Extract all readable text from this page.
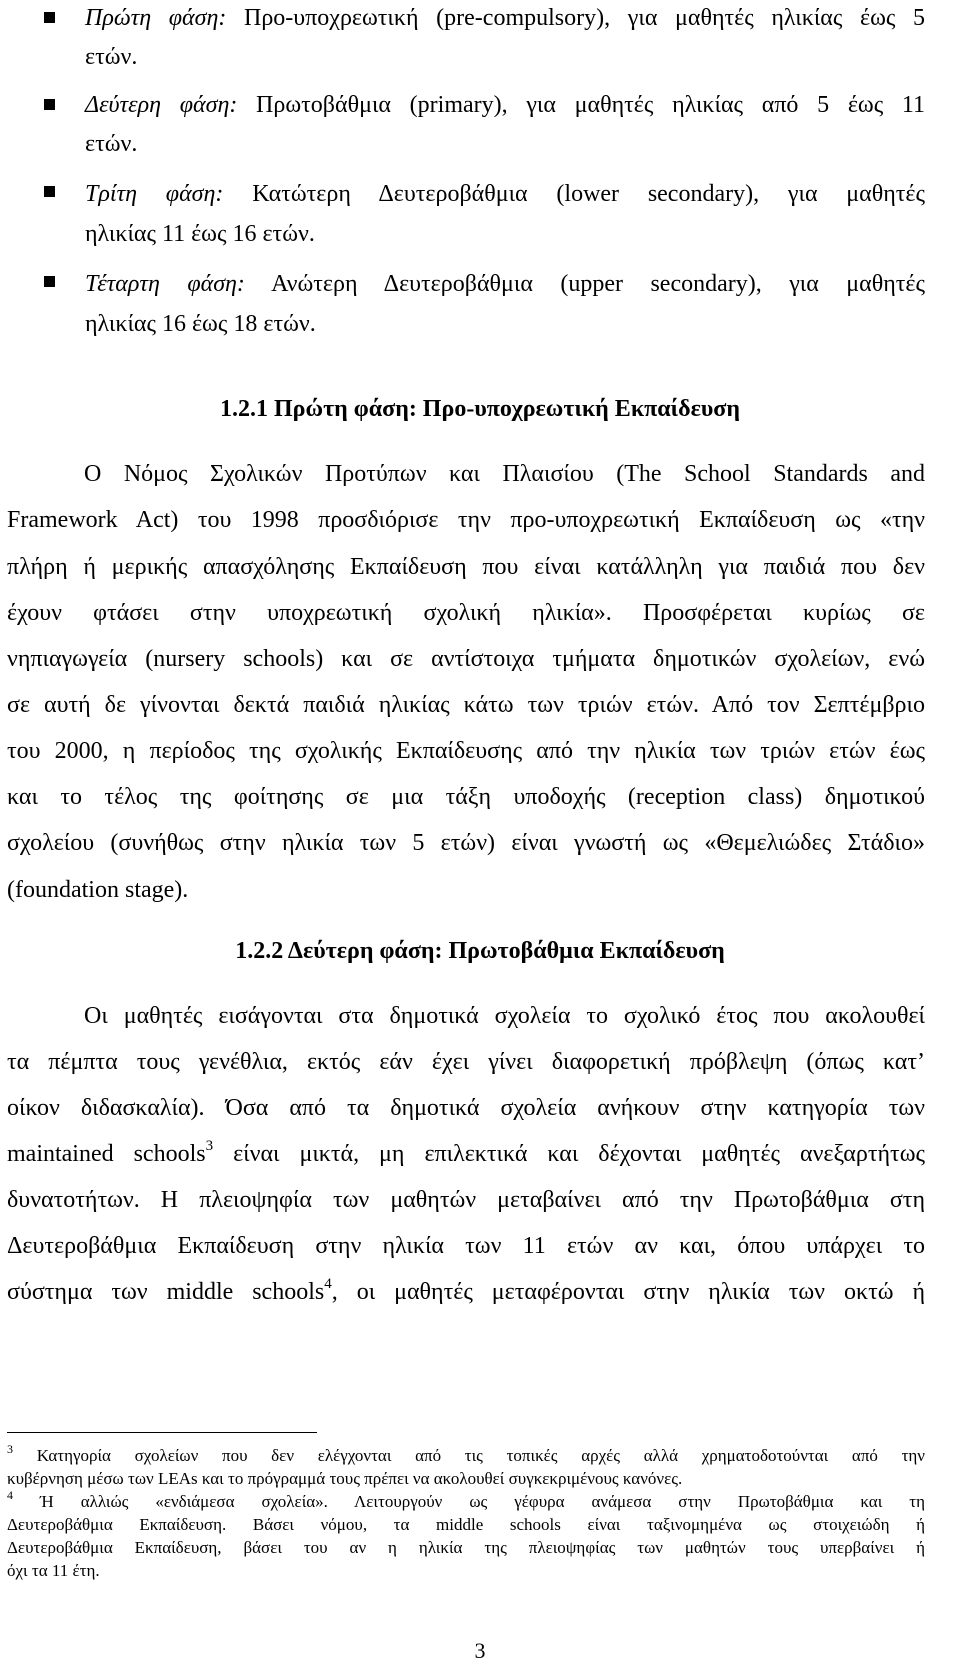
Πρώτη φάση: Προ-υποχρεωτική (pre-compulsory), για μαθητές ηλικίας έως 5
ετών.
Δεύτερη φάση: Πρωτοβάθμια (primary), για μαθητές ηλικίας από 5 έως 11
ετών.
Τρίτη φάση: Κατώτερη Δευτεροβάθμια (lower secondary), για μαθητές
ηλικίας 11 έως 16 ετών.
Τέταρτη φάση: Ανώτερη Δευτεροβάθμια (upper secondary), για μαθητές
ηλικίας 16 έως 18 ετών.
1.2.1 Πρώτη φάση: Προ-υποχρεωτική Εκπαίδευση
Ο Νόμος Σχολικών Προτύπων και Πλαισίου (The School Standards and
Framework Act) του 1998 προσδιόρισε την προ-υποχρεωτική Εκπαίδευση ως «την
πλήρη ή μερικής απασχόλησης Εκπαίδευση που είναι κατάλληλη για παιδιά που δεν
έχουν φτάσει στην υποχρεωτική σχολική ηλικία». Προσφέρεται κυρίως σε
νηπιαγωγεία (nursery schools) και σε αντίστοιχα τμήματα δημοτικών σχολείων, ενώ
σε αυτή δε γίνονται δεκτά παιδιά ηλικίας κάτω των τριών ετών. Από τον Σεπτέμβριο
του 2000, η περίοδος της σχολικής Εκπαίδευσης από την ηλικία των τριών ετών έως
και το τέλος της φοίτησης σε μια τάξη υποδοχής (reception class) δημοτικού
σχολείου (συνήθως στην ηλικία των 5 ετών) είναι γνωστή ως «Θεμελιώδες Στάδιο»
(foundation stage).
1.2.2 Δεύτερη φάση: Πρωτοβάθμια Εκπαίδευση
Οι μαθητές εισάγονται στα δημοτικά σχολεία το σχολικό έτος που ακολουθεί
τα πέμπτα τους γενέθλια, εκτός εάν έχει γίνει διαφορετική πρόβλεψη (όπως κατ’
οίκον διδασκαλία). Όσα από τα δημοτικά σχολεία ανήκουν στην κατηγορία των
maintained schools$^3$ είναι μικτά, μη επιλεκτικά και δέχονται μαθητές ανεξαρτήτως
δυνατοτήτων. Η πλειοψηφία των μαθητών μεταβαίνει από την Πρωτοβάθμια στη
Δευτεροβάθμια Εκπαίδευση στην ηλικία των 11 ετών αν και, όπου υπάρχει το
σύστημα των middle schools$^4$, οι μαθητές μεταφέρονται στην ηλικία των οκτώ ή
$^3$ Κατηγορία σχολείων που δεν ελέγχονται από τις τοπικές αρχές αλλά χρηματοδοτούνται από την
κυβέρνηση μέσω των LEAs και το πρόγραμμά τους πρέπει να ακολουθεί συγκεκριμένους κανόνες.
$^4$ Ή αλλιώς «ενδιάμεσα σχολεία». Λειτουργούν ως γέφυρα ανάμεσα στην Πρωτοβάθμια και τη
Δευτεροβάθμια Εκπαίδευση. Βάσει νόμου, τα middle schools είναι ταξινομημένα ως στοιχειώδη ή
Δευτεροβάθμια Εκπαίδευση, βάσει του αν η ηλικία της πλειοψηφίας των μαθητών τους υπερβαίνει ή
όχι τα 11 έτη.
3
